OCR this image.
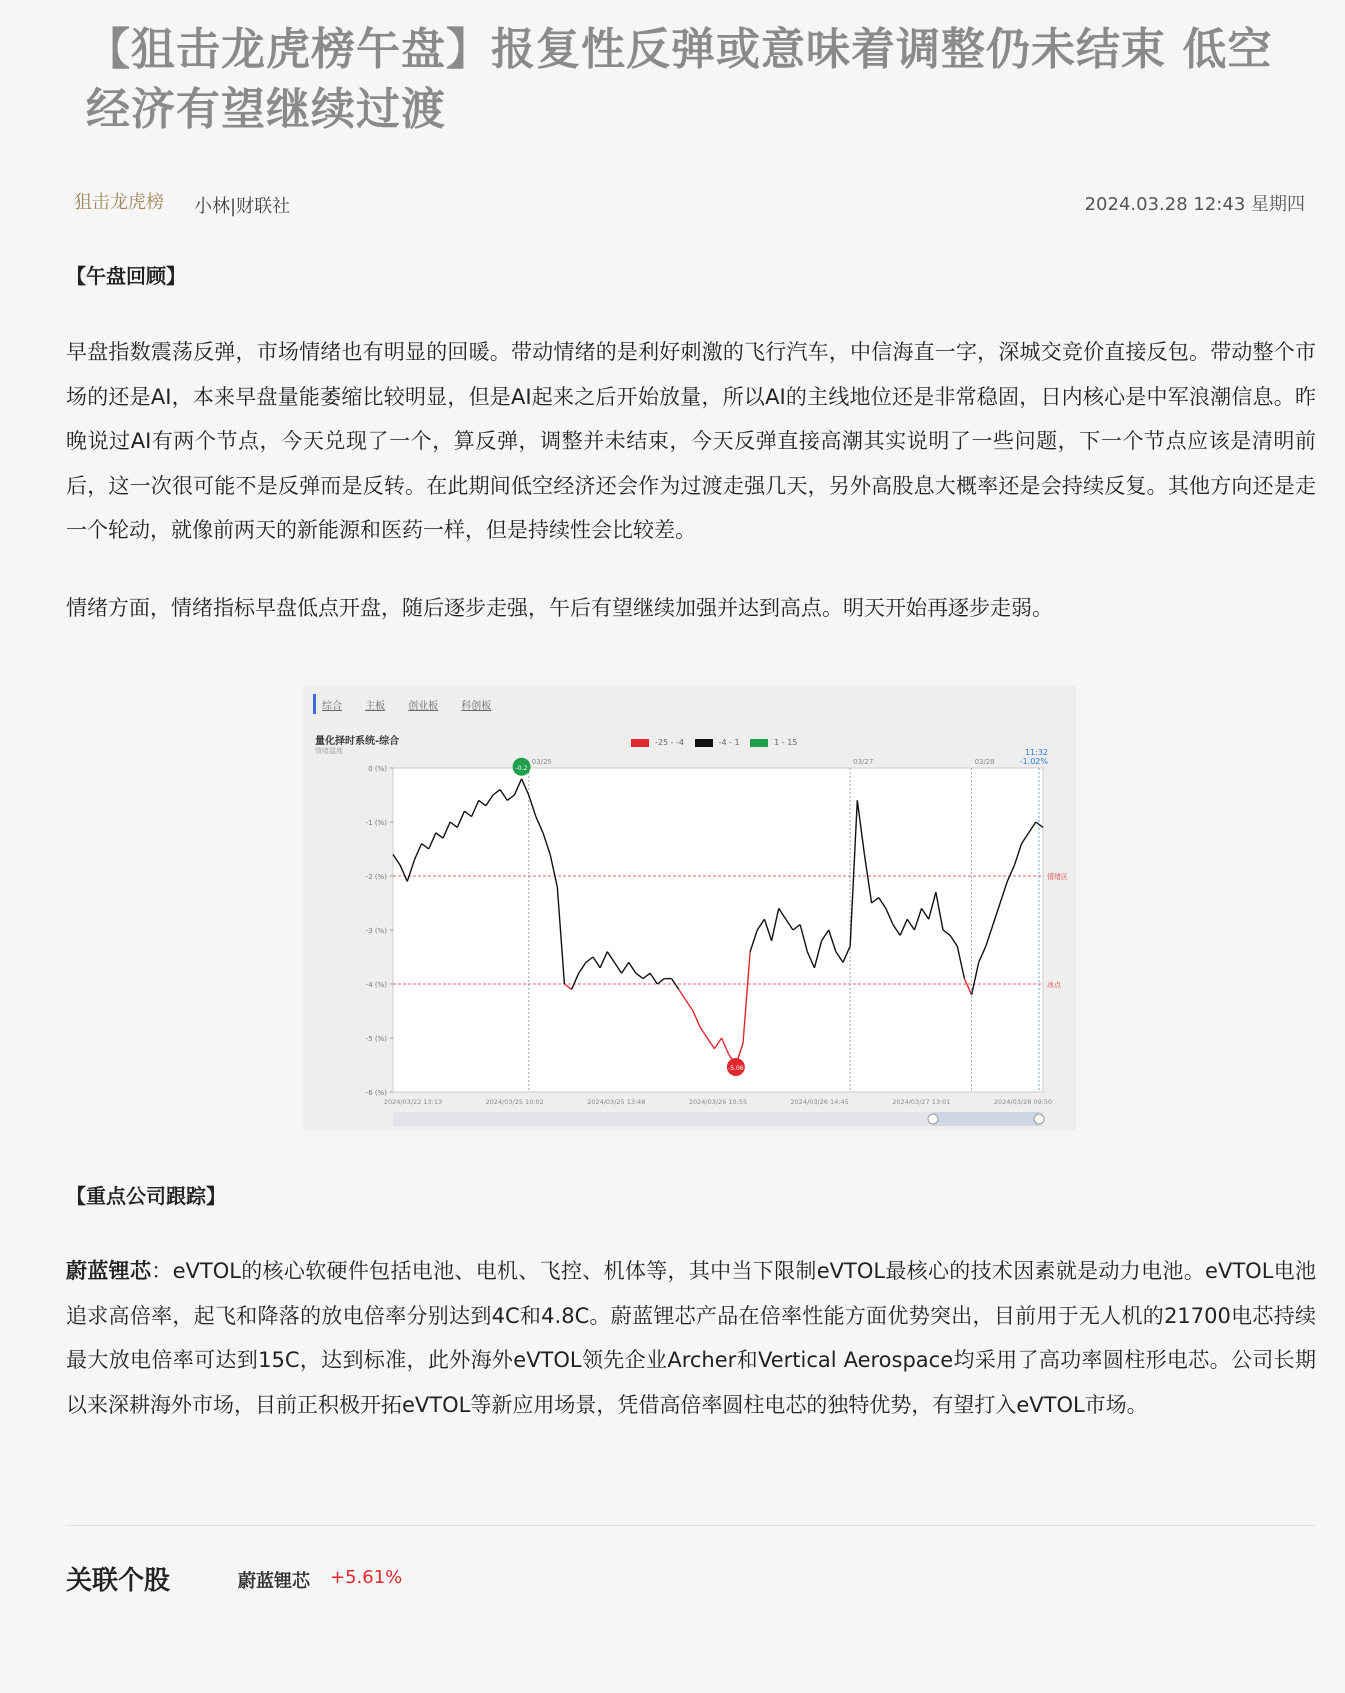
【狙击龙虎榜午盘】报复性反弹或意味着调整仍未结束 低空经济有望继续过渡
狙击龙虎榜 小林|财联社	2024.03.28 12:43 星期四
【午盘回顾】
早盘指数震荡反弹，市场情绪也有明显的回暖。带动情绪的是利好刺激的飞行汽车，中信海直一字，深城交竞价直接反包。带动整个市场的还是AI，本来早盘量能萎缩比较明显，但是AI起来之后开始放量，所以AI的主线地位还是非常稳固，日内核心是中军浪潮信息。昨晚说过AI有两个节点，今天兑现了一个，算反弹，调整并未结束，今天反弹直接高潮其实说明了一些问题，下一个节点应该是清明前后，这一次很可能不是反弹而是反转。在此期间低空经济还会作为过渡走强几天，另外高股息大概率还是会持续反复。其他方向还是走一个轮动，就像前两天的新能源和医药一样，但是持续性会比较差。
情绪方面，情绪指标早盘低点开盘，随后逐步走强，午后有望继续加强并达到高点。明天开始再逐步走弱。
综合 主板 创业板 科创板
量化择时系统-综合
情绪温度
-25 - -4	-4 - 1	1 - 15
11:32
-1.02%
0 (%)
-1 (%)
-2 (%)
-3 (%)
-4 (%)
-5 (%)
-6 (%)
情绪区
冰点
03/25	03/27	03/28
-0.2
-5.06
2024/03/22 13:13	2024/03/25 10:02	2024/03/25 13:48	2024/03/26 10:55	2024/03/26 14:45	2024/03/27 13:01	2024/03/28 09:50
【重点公司跟踪】
蔚蓝锂芯：eVTOL的核心软硬件包括电池、电机、飞控、机体等，其中当下限制eVTOL最核心的技术因素就是动力电池。eVTOL电池追求高倍率，起飞和降落的放电倍率分别达到4C和4.8C。蔚蓝锂芯产品在倍率性能方面优势突出，目前用于无人机的21700电芯持续最大放电倍率可达到15C，达到标准，此外海外eVTOL领先企业Archer和Vertical Aerospace均采用了高功率圆柱形电芯。公司长期以来深耕海外市场，目前正积极开拓eVTOL等新应用场景，凭借高倍率圆柱电芯的独特优势，有望打入eVTOL市场。
关联个股	蔚蓝锂芯 +5.61%
